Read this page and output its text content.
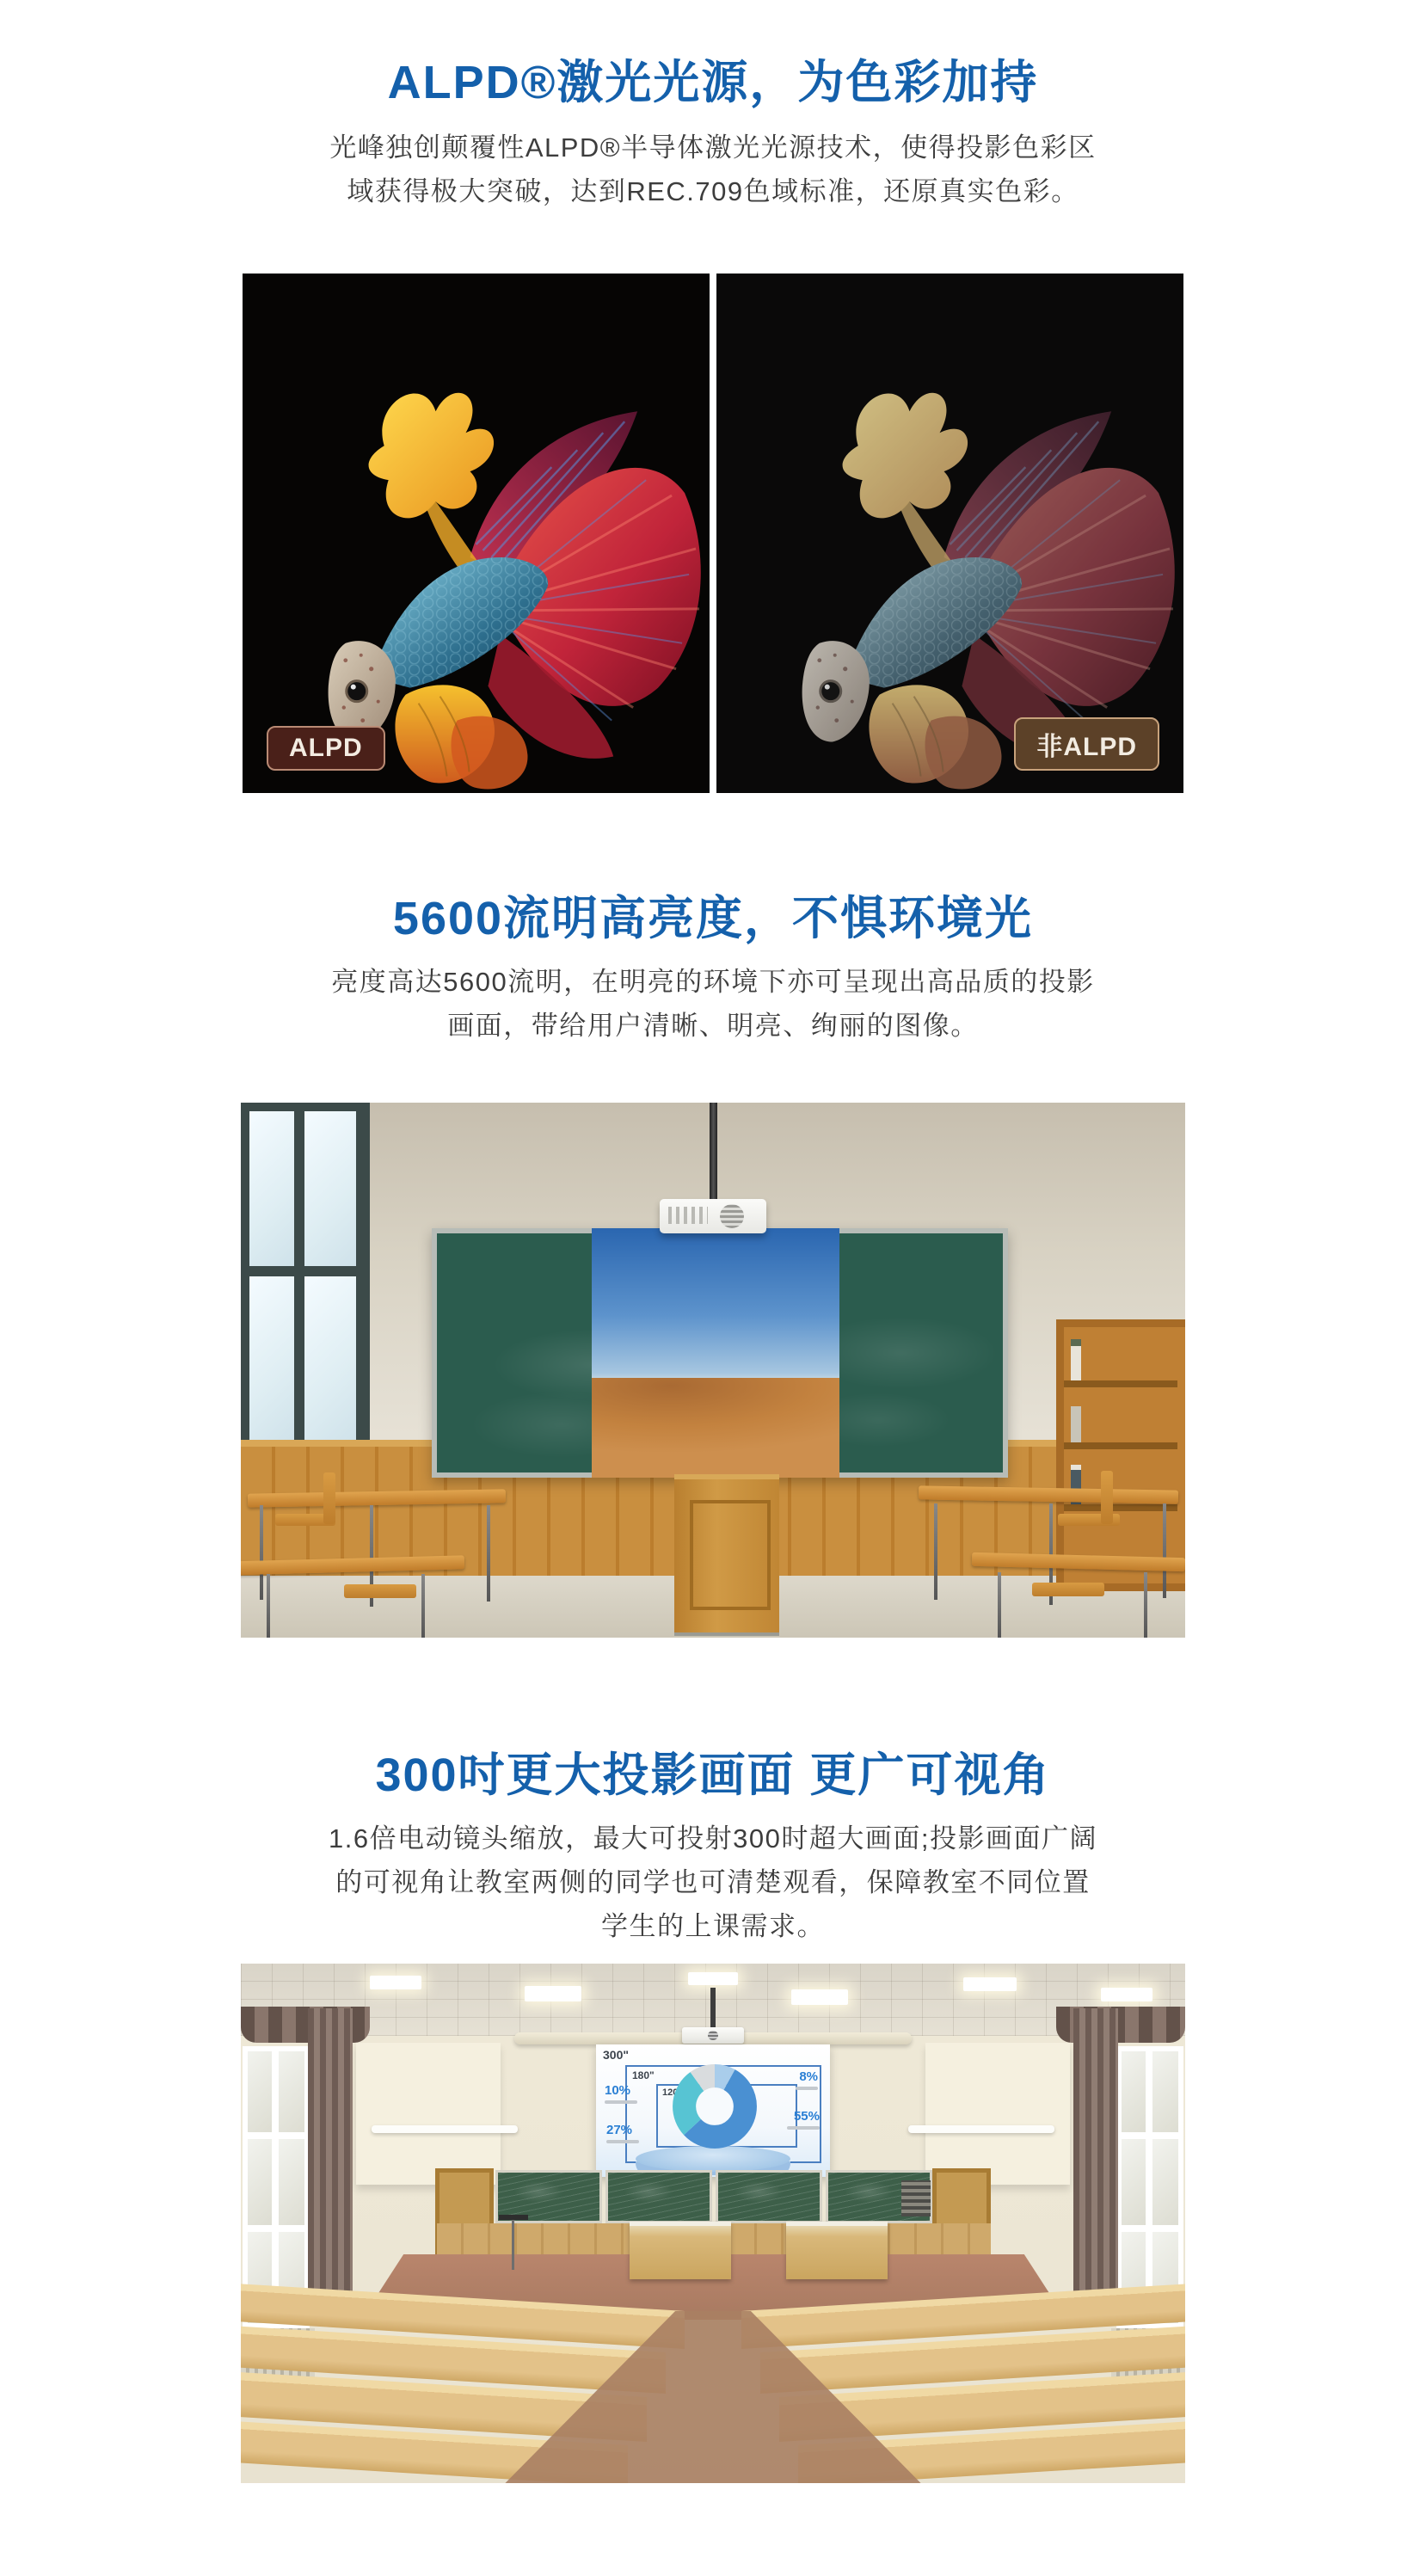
ALPD®激光光源，为色彩加持
光峰独创颠覆性ALPD®半导体激光光源技术，使得投影色彩区
域获得极大突破，达到REC.709色域标准，还原真实色彩。
ALPD	非ALPD
5600流明高亮度，不惧环境光
亮度高达5600流明，在明亮的环境下亦可呈现出高品质的投影
画面，带给用户清晰、明亮、绚丽的图像。
300吋更大投影画面 更广可视角
1.6倍电动镜头缩放，最大可投射300时超大画面;投影画面广阔
的可视角让教室两侧的同学也可清楚观看，保障教室不同位置
学生的上课需求。
300"
180"
120"
10%
27%
8%
55%
